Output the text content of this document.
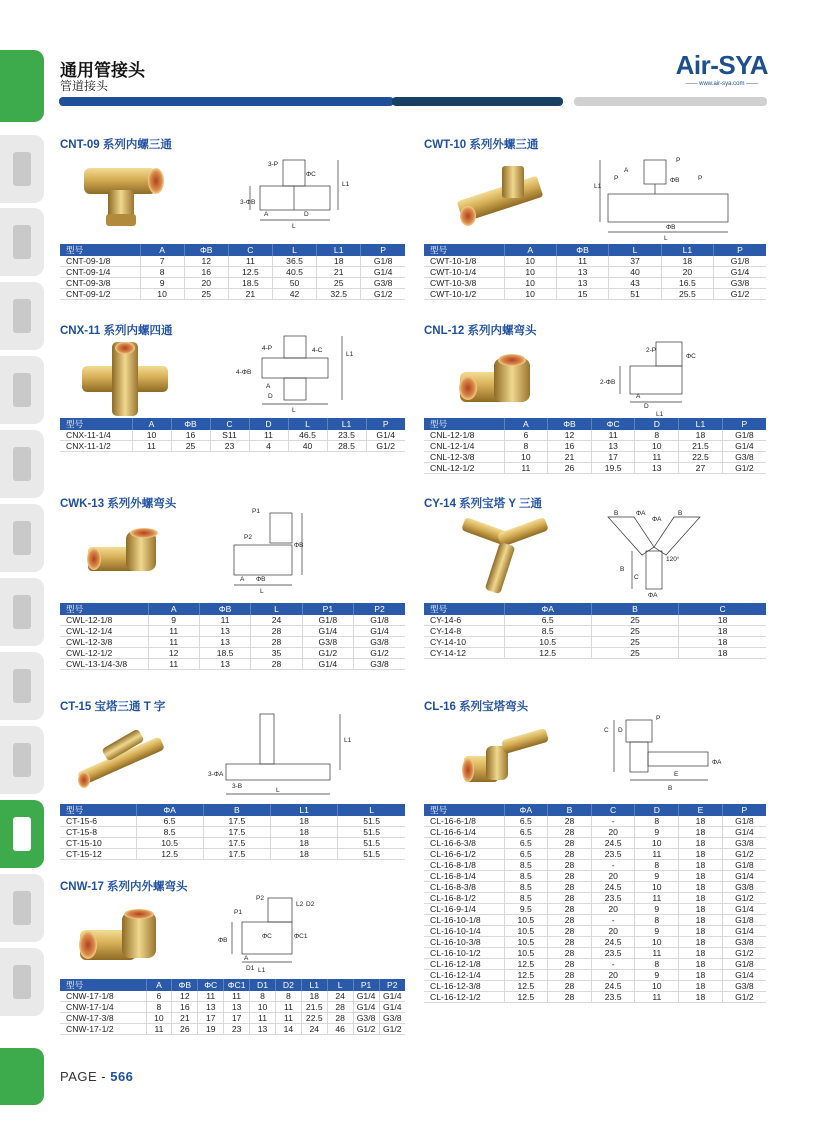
通用管接头
管道接头
Air-SYA
—— www.air-sya.com ——
CNT-09 系列内螺三通
3-P
ΦC
L1
3-ΦB
A	D
L
型号	A	ΦB	C	L	L1	P
CNT-09-1/8	7	12	11	36.5	18	G1/8
CNT-09-1/4	8	16	12.5	40.5	21	G1/4
CNT-09-3/8	9	20	18.5	50	25	G3/8
CNT-09-1/2	10	25	21	42	32.5	G1/2
CWT-10 系列外螺三通
P
P
A
ΦB	P
L1
ΦB
L
型号	A	ΦB	L	L1	P
CWT-10-1/8	10	11	37	18	G1/8
CWT-10-1/4	10	13	40	20	G1/4
CWT-10-3/8	10	13	43	16.5	G3/8
CWT-10-1/2	10	15	51	25.5	G1/2
CNX-11 系列内螺四通
4-P	4-C
L1
4-ΦB
A
D
L
型号	A	ΦB	C	D	L	L1	P
CNX-11-1/4	10	16	S11	11	46.5	23.5	G1/4
CNX-11-1/2	11	25	23	4	40	28.5	G1/2
CNL-12 系列内螺弯头
2-P
ΦC
2-ΦB
A
D
L1
型号	A	ΦB	ΦC	D	L1	P
CNL-12-1/8	6	12	11	8	18	G1/8
CNL-12-1/4	8	16	13	10	21.5	G1/4
CNL-12-3/8	10	21	17	11	22.5	G3/8
CNL-12-1/2	11	26	19.5	13	27	G1/2
CWK-13 系列外螺弯头
P1
P2
ΦB
A ΦB
L
型号	A	ΦB	L	P1	P2
CWL-12-1/8	9	11	24	G1/8	G1/8
CWL-12-1/4	11	13	28	G1/4	G1/4
CWL-12-3/8	11	13	28	G3/8	G3/8
CWL-12-1/2	12	18.5	35	G1/2	G1/2
CWL-13-1/4-3/8	11	13	28	G1/4	G3/8
CY-14 系列宝塔 Y 三通
B	B
ΦA
ΦA
120°
B
C
ΦA
型号	ΦA	B	C
CY-14-6	6.5	25	18
CY-14-8	8.5	25	18
CY-14-10	10.5	25	18
CY-14-12	12.5	25	18
CT-15 宝塔三通 T 字
L1
3-ΦA
3-B
L
型号	ΦA	B	L1	L
CT-15-6	6.5	17.5	18	51.5
CT-15-8	8.5	17.5	18	51.5
CT-15-10	10.5	17.5	18	51.5
CT-15-12	12.5	17.5	18	51.5
CL-16 系列宝塔弯头
P
C D
ΦA
E
B
型号	ΦA	B	C	D	E	P
CL-16-6-1/8	6.5	28	-	8	18	G1/8
CL-16-6-1/4	6.5	28	20	9	18	G1/4
CL-16-6-3/8	6.5	28	24.5	10	18	G3/8
CL-16-6-1/2	6.5	28	23.5	11	18	G1/2
CL-16-8-1/8	8.5	28	-	8	18	G1/8
CL-16-8-1/4	8.5	28	20	9	18	G1/4
CL-16-8-3/8	8.5	28	24.5	10	18	G3/8
CL-16-8-1/2	8.5	28	23.5	11	18	G1/2
CL-16-9-1/4	9.5	28	20	9	18	G1/4
CL-16-10-1/8	10.5	28	-	8	18	G1/8
CL-16-10-1/4	10.5	28	20	9	18	G1/4
CL-16-10-3/8	10.5	28	24.5	10	18	G3/8
CL-16-10-1/2	10.5	28	23.5	11	18	G1/2
CL-16-12-1/8	12.5	28	-	8	18	G1/8
CL-16-12-1/4	12.5	28	20	9	18	G1/4
CL-16-12-3/8	12.5	28	24.5	10	18	G3/8
CL-16-12-1/2	12.5	28	23.5	11	18	G1/2
CNW-17 系列内外螺弯头
P2
P1
L2 D2
ΦB
ΦC	ΦC1
A
D1 L1
型号	A	ΦB	ΦC	ΦC1	D1	D2	L1	L	P1	P2
CNW-17-1/8	6	12	11	11	8	8	18	24	G1/4	G1/4
CNW-17-1/4	8	16	13	13	10	11	21.5	28	G1/4	G1/4
CNW-17-3/8	10	21	17	17	11	11	22.5	28	G3/8	G3/8
CNW-17-1/2	11	26	19	23	13	14	24	46	G1/2	G1/2
PAGE - 566
